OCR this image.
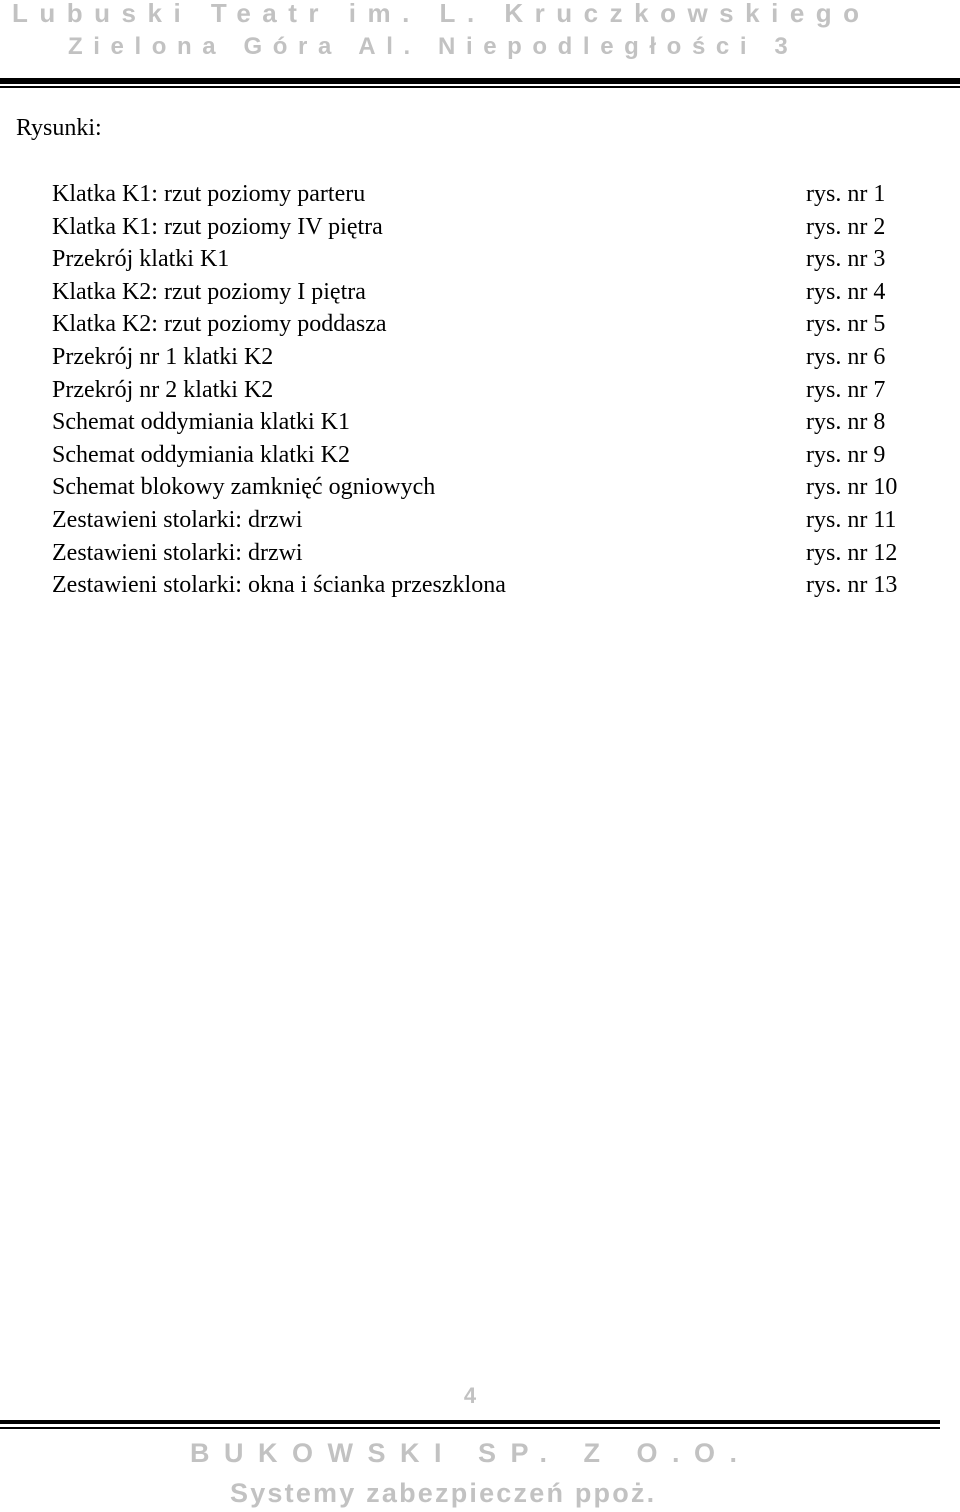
Lubuski Teatr im. L. Kruczkowskiego
Zielona Góra Al. Niepodległości 3
Rysunki:
Klatka K1: rzut poziomy parteru	rys. nr 1
Klatka K1: rzut poziomy IV piętra	rys. nr 2
Przekrój klatki K1	rys. nr 3
Klatka K2: rzut poziomy I piętra	rys. nr 4
Klatka K2: rzut poziomy poddasza	rys. nr 5
Przekrój nr 1 klatki K2	rys. nr 6
Przekrój nr 2 klatki K2	rys. nr 7
Schemat oddymiania klatki K1	rys. nr 8
Schemat oddymiania klatki K2	rys. nr 9
Schemat blokowy zamknięć ogniowych	rys. nr 10
Zestawieni stolarki: drzwi	rys. nr 11
Zestawieni stolarki: drzwi	rys. nr 12
Zestawieni stolarki: okna i ścianka przeszklona	rys. nr 13
4
BUKOWSKI SP. Z O.O.
Systemy zabezpieczeń ppoż.
